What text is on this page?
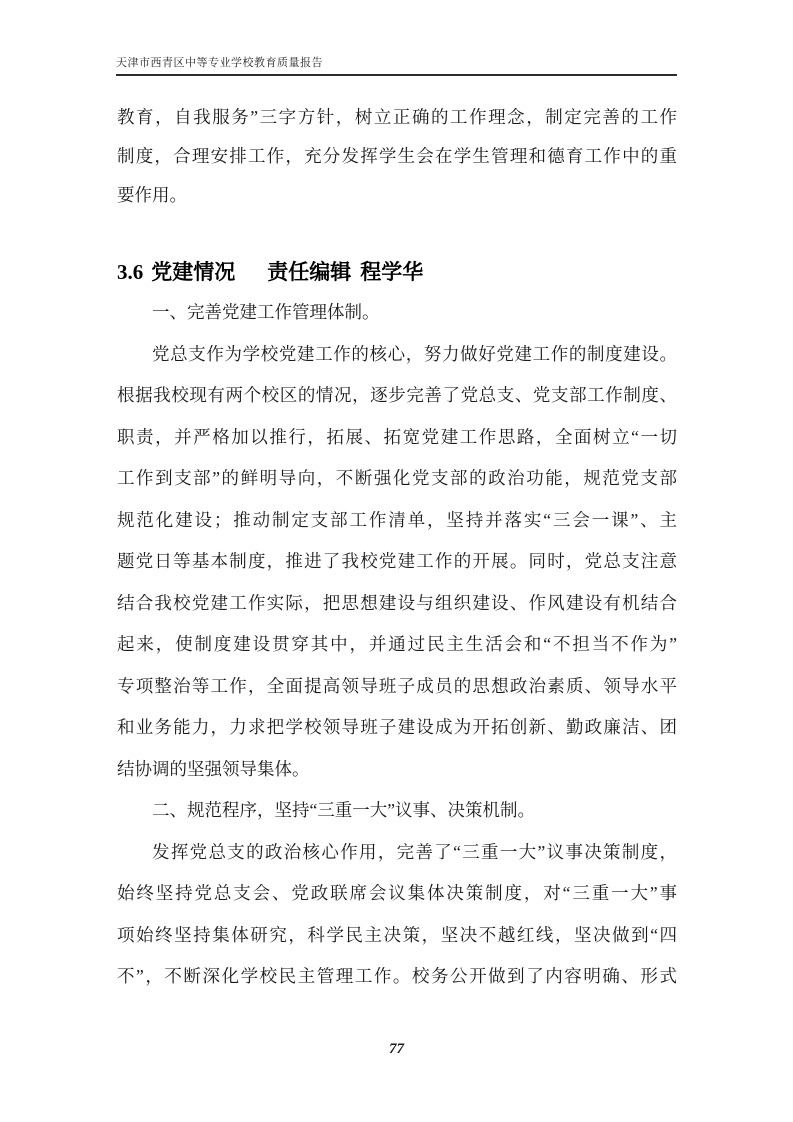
天津市西青区中等专业学校教育质量报告
教育，自我服务”三字方针，树立正确的工作理念，制定完善的工作
制度，合理安排工作，充分发挥学生会在学生管理和德育工作中的重
要作用。
3.6 党建情况 责任编辑 程学华
一、完善党建工作管理体制。
党总支作为学校党建工作的核心，努力做好党建工作的制度建设。
根据我校现有两个校区的情况，逐步完善了党总支、党支部工作制度、
职责，并严格加以推行，拓展、拓宽党建工作思路，全面树立“一切
工作到支部”的鲜明导向，不断强化党支部的政治功能，规范党支部
规范化建设；推动制定支部工作清单，坚持并落实“三会一课”、主
题党日等基本制度，推进了我校党建工作的开展。同时，党总支注意
结合我校党建工作实际，把思想建设与组织建设、作风建设有机结合
起来，使制度建设贯穿其中，并通过民主生活会和“不担当不作为”
专项整治等工作，全面提高领导班子成员的思想政治素质、领导水平
和业务能力，力求把学校领导班子建设成为开拓创新、勤政廉洁、团
结协调的坚强领导集体。
二、规范程序，坚持“三重一大”议事、决策机制。
发挥党总支的政治核心作用，完善了“三重一大”议事决策制度，
始终坚持党总支会、党政联席会议集体决策制度，对“三重一大”事
项始终坚持集体研究，科学民主决策，坚决不越红线，坚决做到“四
不”，不断深化学校民主管理工作。校务公开做到了内容明确、形式
77
